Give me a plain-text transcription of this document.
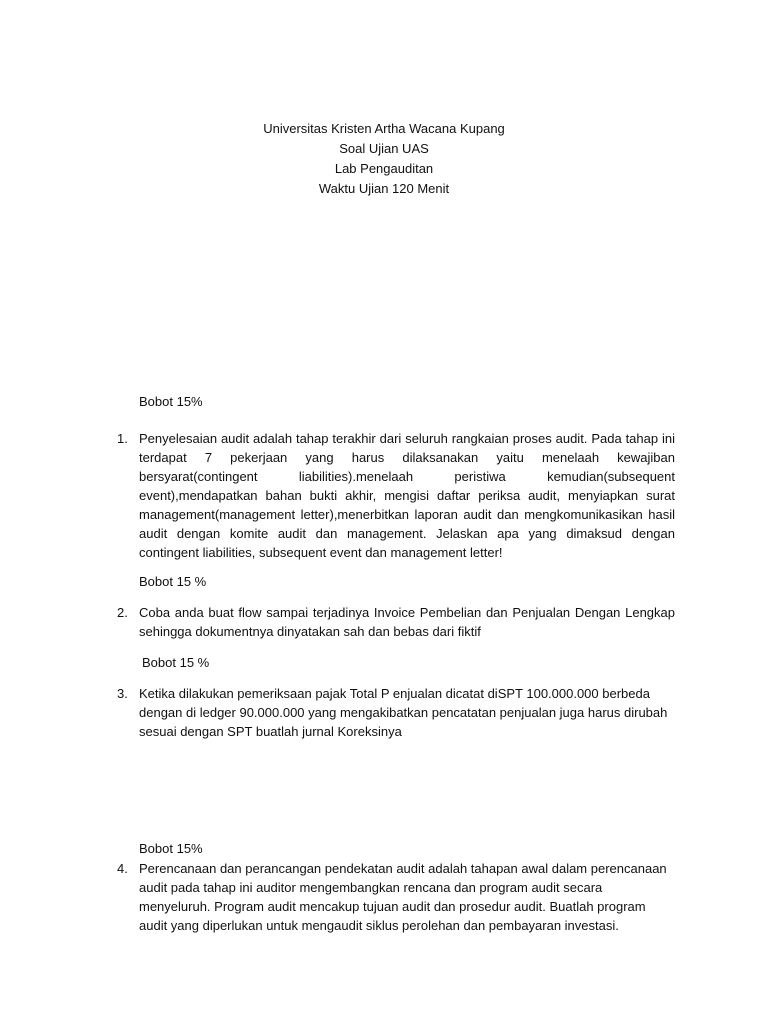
Universitas Kristen Artha Wacana Kupang
Soal Ujian UAS
Lab Pengauditan
Waktu Ujian 120 Menit
Bobot 15%
1. Penyelesaian audit adalah tahap terakhir dari seluruh rangkaian proses audit. Pada tahap ini terdapat 7 pekerjaan yang harus dilaksanakan yaitu menelaah kewajiban bersyarat(contingent liabilities).menelaah peristiwa kemudian(subsequent event),mendapatkan bahan bukti akhir, mengisi daftar periksa audit, menyiapkan surat management(management letter),menerbitkan laporan audit dan mengkomunikasikan hasil audit dengan komite audit dan management. Jelaskan apa yang dimaksud dengan contingent liabilities, subsequent event dan management letter!
Bobot 15 %
2. Coba anda buat flow sampai terjadinya Invoice Pembelian dan Penjualan Dengan Lengkap sehingga dokumentnya dinyatakan sah dan bebas dari fiktif
Bobot 15 %
3. Ketika dilakukan pemeriksaan pajak Total P enjualan dicatat diSPT 100.000.000 berbeda dengan di ledger 90.000.000 yang mengakibatkan pencatatan penjualan juga harus dirubah sesuai dengan SPT buatlah jurnal Koreksinya
Bobot 15%
4. Perencanaan dan perancangan pendekatan audit adalah tahapan awal dalam perencanaan audit pada tahap ini auditor mengembangkan rencana dan program audit secara menyeluruh. Program audit mencakup tujuan audit dan prosedur audit. Buatlah program audit yang diperlukan untuk mengaudit siklus perolehan dan pembayaran investasi.
